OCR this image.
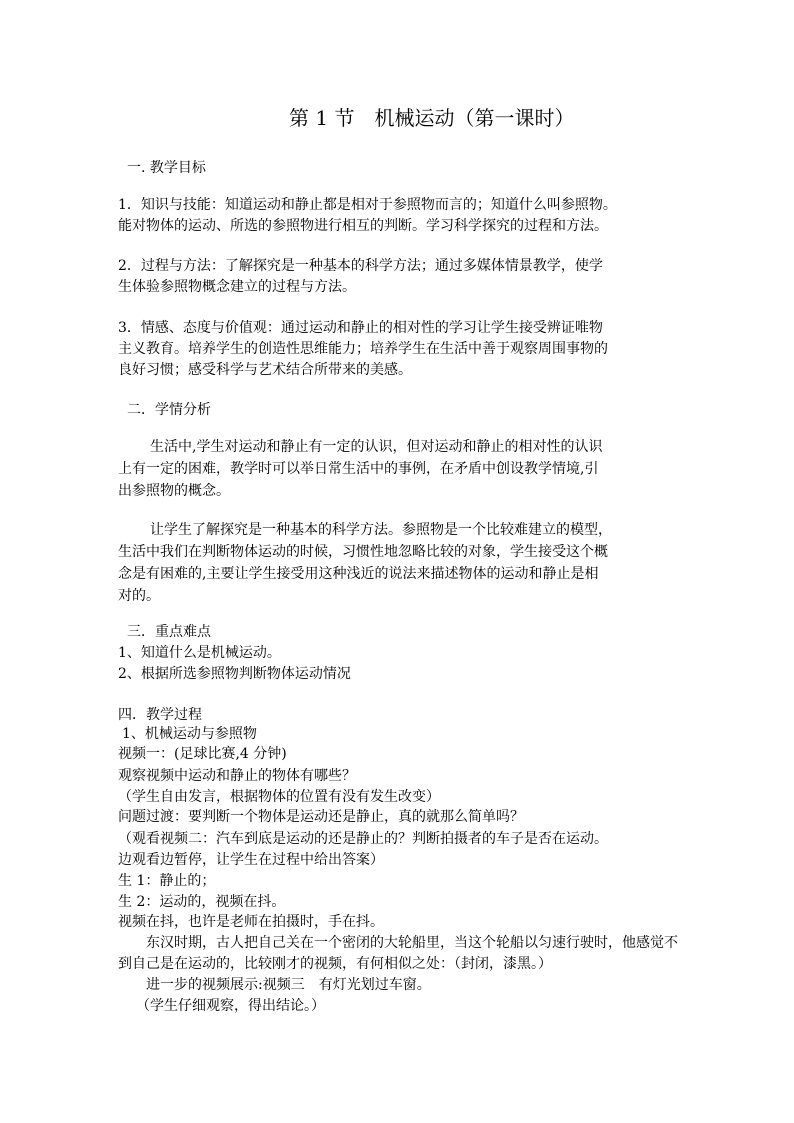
第 1 节　机械运动（第一课时）

一. 教学目标

1．知识与技能：知道运动和静止都是相对于参照物而言的；知道什么叫参照物。

能对物体的运动、所选的参照物进行相互的判断。学习科学探究的过程和方法。

2．过程与方法：了解探究是一种基本的科学方法；通过多媒体情景教学，使学

生体验参照物概念建立的过程与方法。

3．情感、态度与价值观：通过运动和静止的相对性的学习让学生接受辨证唯物

主义教育。培养学生的创造性思维能力；培养学生在生活中善于观察周围事物的

良好习惯；感受科学与艺术结合所带来的美感。

二．学情分析

生活中,学生对运动和静止有一定的认识，但对运动和静止的相对性的认识

上有一定的困难，教学时可以举日常生活中的事例，在矛盾中创设教学情境,引

出参照物的概念。

让学生了解探究是一种基本的科学方法。参照物是一个比较难建立的模型，

生活中我们在判断物体运动的时候，习惯性地忽略比较的对象，学生接受这个概

念是有困难的,主要让学生接受用这种浅近的说法来描述物体的运动和静止是相

对的。

三．重点难点

1、知道什么是机械运动。

2、根据所选参照物判断物体运动情况

四．教学过程

1、机械运动与参照物

视频一：(足球比赛,4 分钟)

观察视频中运动和静止的物体有哪些？

（学生自由发言，根据物体的位置有没有发生改变）

问题过渡：要判断一个物体是运动还是静止，真的就那么简单吗？

（观看视频二：汽车到底是运动的还是静止的？判断拍摄者的车子是否在运动。

边观看边暂停，让学生在过程中给出答案）

生 1：静止的；

生 2：运动的，视频在抖。

视频在抖，也许是老师在拍摄时，手在抖。

东汉时期，古人把自己关在一个密闭的大轮船里，当这个轮船以匀速行驶时，他感觉不

到自己是在运动的，比较刚才的视频，有何相似之处：（封闭，漆黑。）

进一步的视频展示:视频三　有灯光划过车窗。

（学生仔细观察，得出结论。）
